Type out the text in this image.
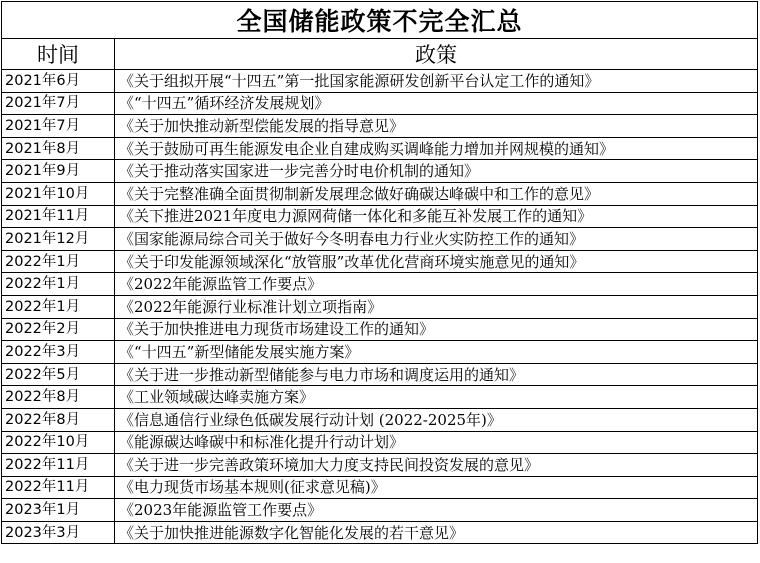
全国储能政策不完全汇总	
时间	政策
2021年6月	《关于组拟开展“十四五”第一批国家能源研发创新平台认定工作的通知》
2021年7月	《“十四五”循环经济发展规划》
2021年7月	《关于加快推动新型偿能发展的指导意见》
2021年8月	《关于鼓励可再生能源发电企业自建成购买调峰能力增加并网规模的通知》
2021年9月	《关于推动落实国家进一步完善分时电价机制的通知》
2021年10月	《关于完整准确全面贯彻制新发展理念做好确碳达峰碳中和工作的意见》
2021年11月	《关下推进2021年度电力源网荷储一体化和多能互补发展工作的通知》
2021年12月	《国家能源局综合司关于做好今冬明春电力行业火实防控工作的通知》
2022年1月	《关于印发能源领域深化“放管服”改革优化营商环境实施意见的通知》
2022年1月	《2022年能源监管工作要点》
2022年1月	《2022年能源行业标准计划立项指南》
2022年2月	《关于加快推进电力现货市场建设工作的通知》
2022年3月	《“十四五”新型储能发展实施方案》
2022年5月	《关于进一步推动新型储能参与电力市场和调度运用的通知》
2022年8月	《工业领域碳达峰卖施方案》
2022年8月	《信息通信行业绿色低碳发展行动计划 (2022-2025年)》
2022年10月	《能源碳达峰碳中和标准化提升行动计划》
2022年11月	《关于进一步完善政策环境加大力度支持民间投资发展的意见》
2022年11月	《电力现货市场基本规则(征求意见稿)》
2023年1月	《2023年能源监管工作要点》
2023年3月	《关于加快推进能源数字化智能化发展的若干意见》
